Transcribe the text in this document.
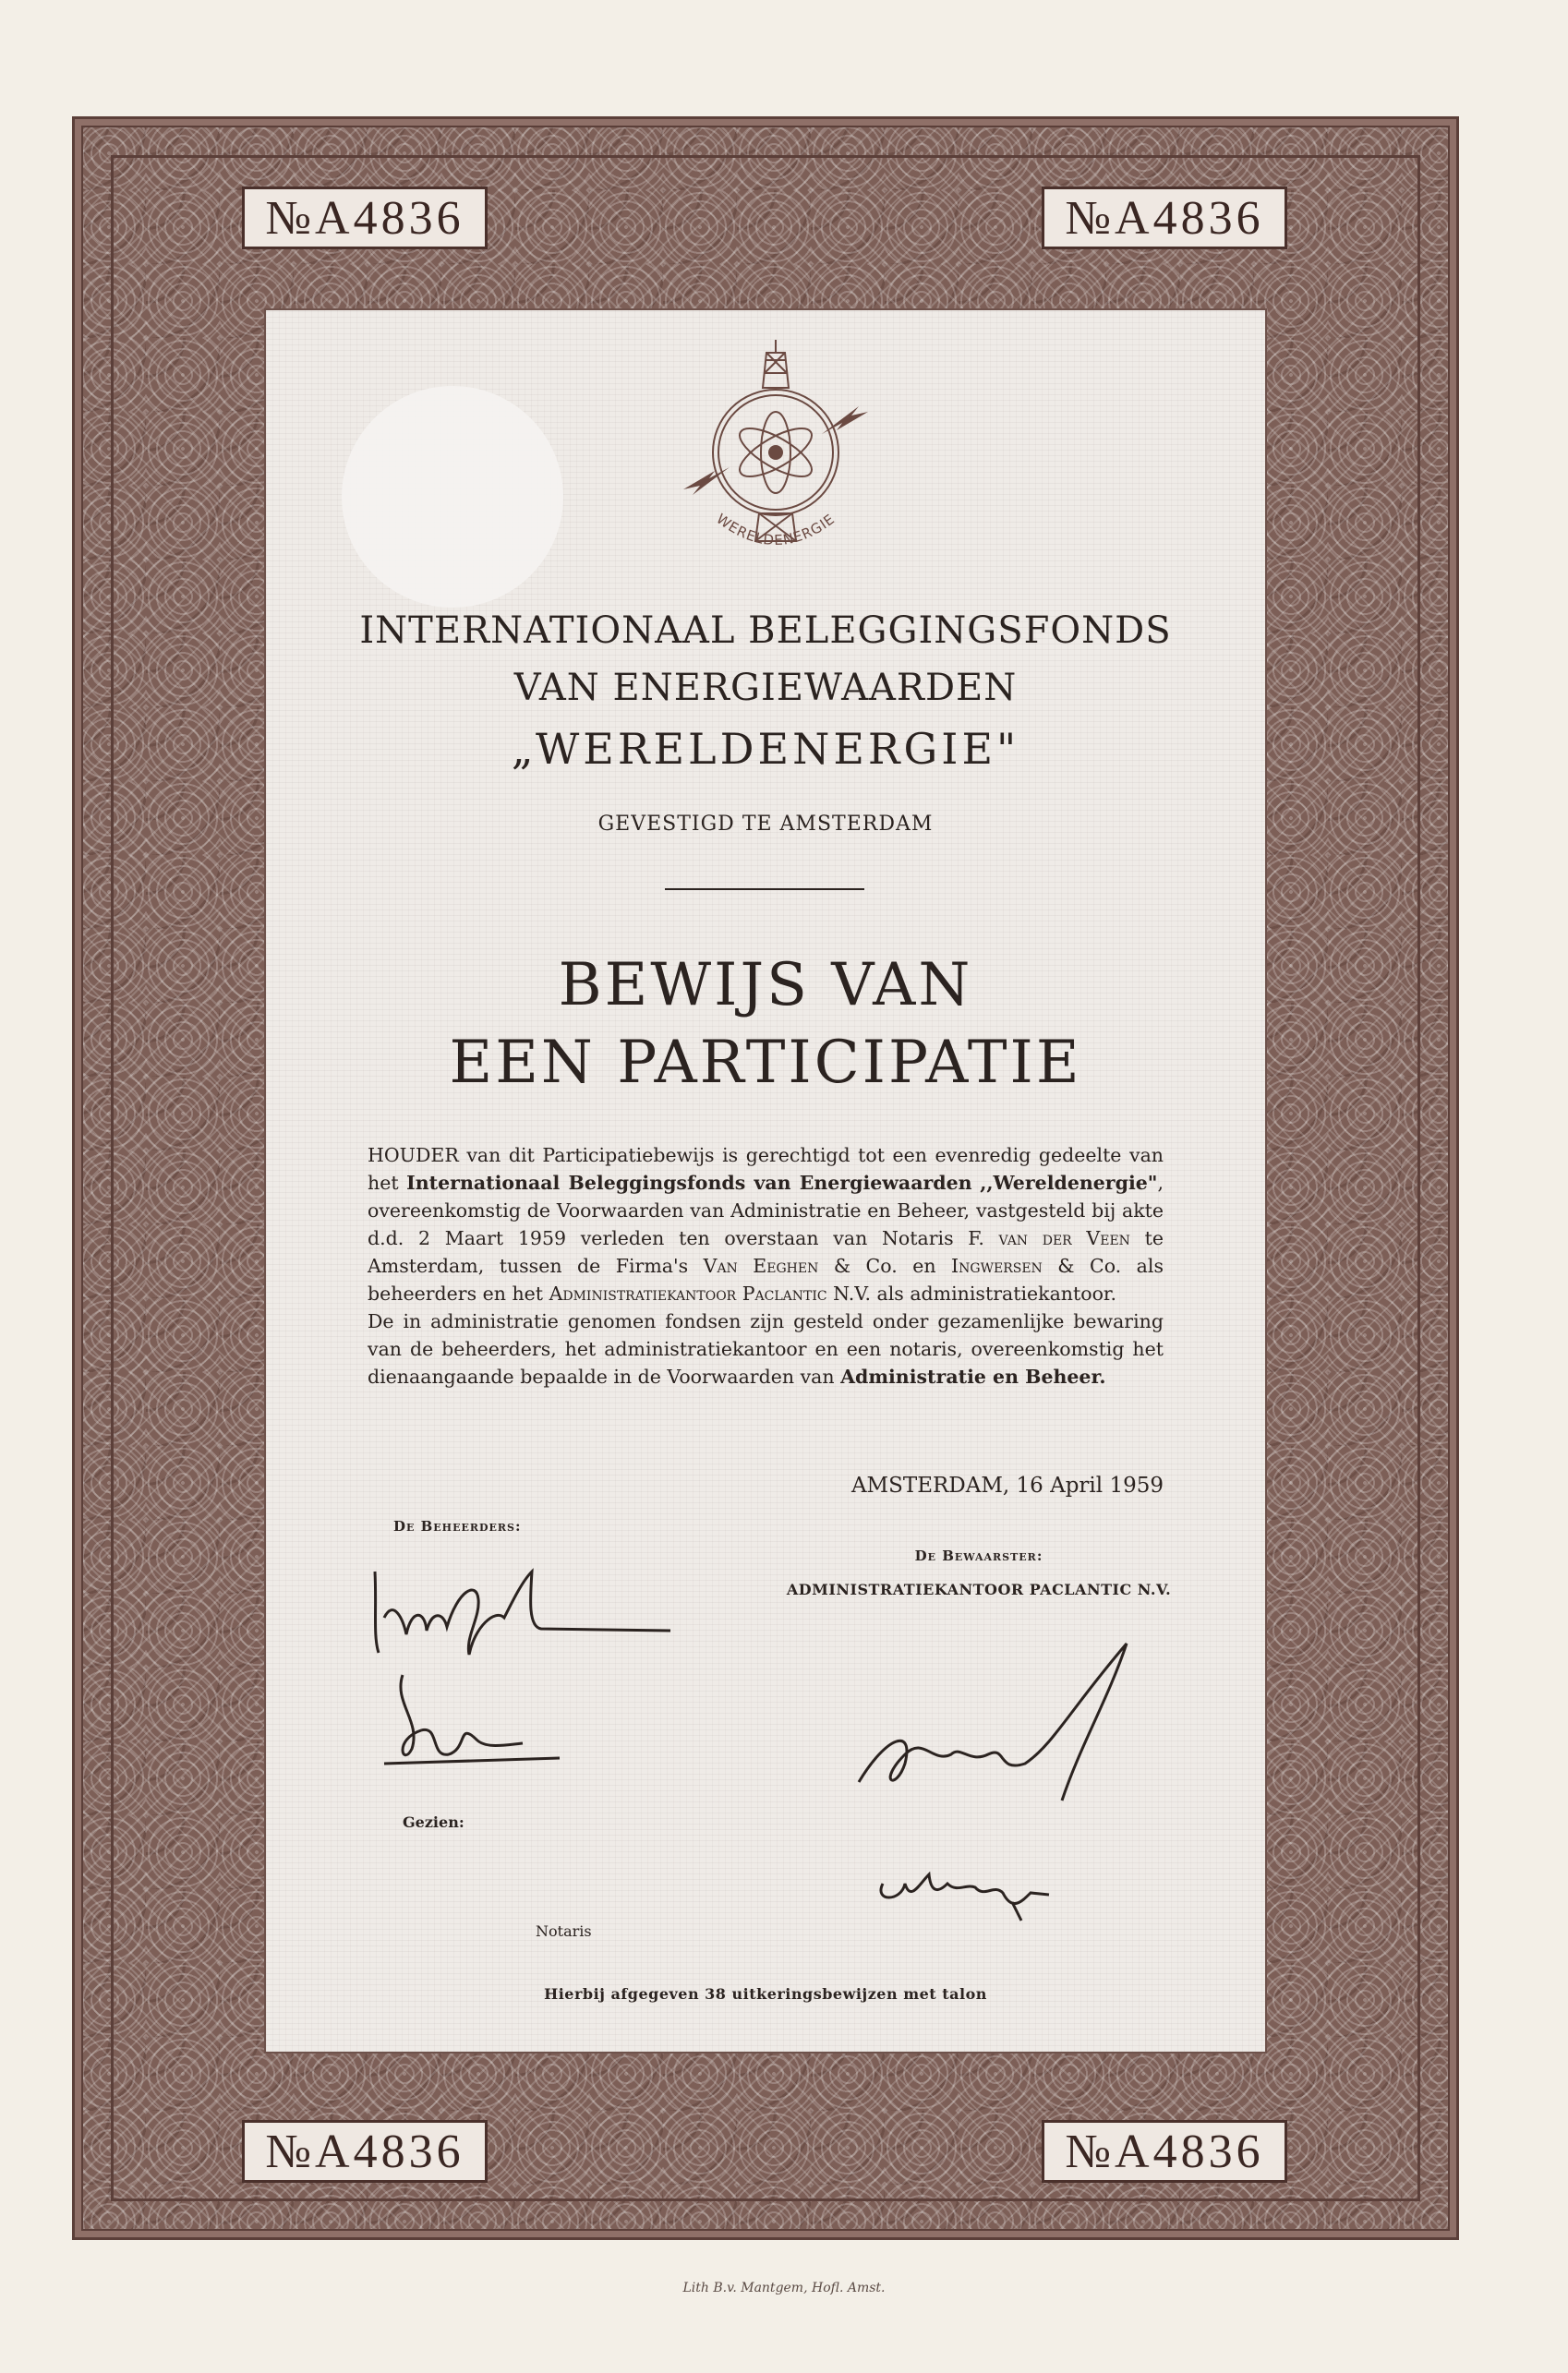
№ A4836	№ A4836
№ A4836	№ A4836
WERELDENERGIE
INTERNATIONAAL BELEGGINGSFONDS
VAN ENERGIEWAARDEN
„WERELDENERGIE"
GEVESTIGD TE AMSTERDAM
BEWIJS VAN
EEN PARTICIPATIE
HOUDER van dit Participatiebewijs is gerechtigd tot een evenredig gedeelte van het Internationaal Beleggingsfonds van Energiewaarden ,,Wereldenergie", overeenkomstig de Voorwaarden van Administratie en Beheer, vastgesteld bij akte d.d. 2 Maart 1959 verleden ten overstaan van Notaris F. van der Veen te Amsterdam, tussen de Firma's Van Eeghen & Co. en Ingwersen & Co. als beheerders en het Administratiekantoor Paclantic N.V. als administratiekantoor.
De in administratie genomen fondsen zijn gesteld onder gezamenlijke bewaring van de beheerders, het administratiekantoor en een notaris, overeenkomstig het dienaangaande bepaalde in de Voorwaarden van Administratie en Beheer.
AMSTERDAM, 16 April 1959
De Beheerders:
De Bewaarster:
ADMINISTRATIEKANTOOR PACLANTIC N.V.
Gezien:
Notaris
Hierbij afgegeven 38 uitkeringsbewijzen met talon
Lith B.v. Mantgem, Hofl. Amst.
